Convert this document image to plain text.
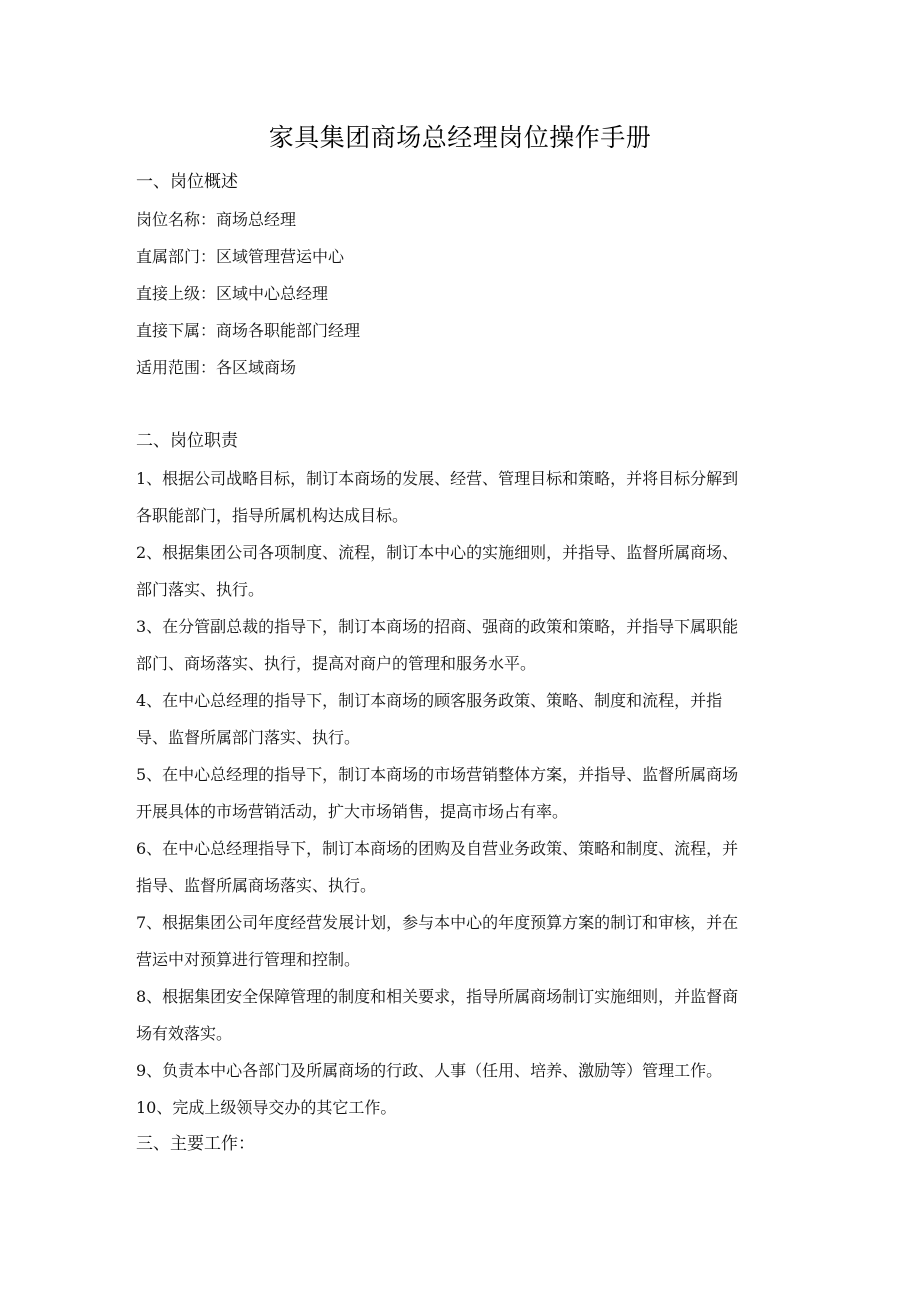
家具集团商场总经理岗位操作手册

一、岗位概述

岗位名称：商场总经理

直属部门：区域管理营运中心

直接上级：区域中心总经理

直接下属：商场各职能部门经理

适用范围：各区域商场

二、岗位职责

1、根据公司战略目标，制订本商场的发展、经营、管理目标和策略，并将目标分解到
各职能部门，指导所属机构达成目标。

2、根据集团公司各项制度、流程，制订本中心的实施细则，并指导、监督所属商场、
部门落实、执行。

3、在分管副总裁的指导下，制订本商场的招商、强商的政策和策略，并指导下属职能
部门、商场落实、执行，提高对商户的管理和服务水平。

4、在中心总经理的指导下，制订本商场的顾客服务政策、策略、制度和流程，并指
导、监督所属部门落实、执行。

5、在中心总经理的指导下，制订本商场的市场营销整体方案，并指导、监督所属商场
开展具体的市场营销活动，扩大市场销售，提高市场占有率。

6、在中心总经理指导下，制订本商场的团购及自营业务政策、策略和制度、流程，并
指导、监督所属商场落实、执行。

7、根据集团公司年度经营发展计划，参与本中心的年度预算方案的制订和审核，并在
营运中对预算进行管理和控制。

8、根据集团安全保障管理的制度和相关要求，指导所属商场制订实施细则，并监督商
场有效落实。

9、负责本中心各部门及所属商场的行政、人事（任用、培养、激励等）管理工作。

10、完成上级领导交办的其它工作。

三、主要工作：
